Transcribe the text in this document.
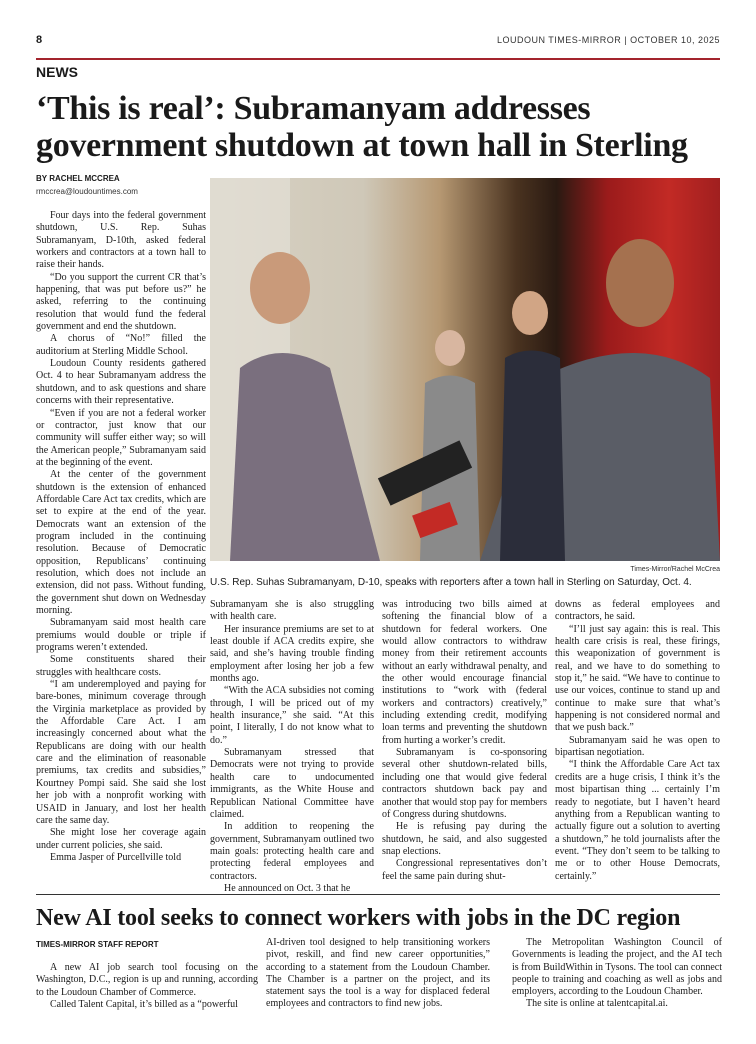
8	LOUDOUN TIMES-MIRROR | OCTOBER 10, 2025
NEWS
‘This is real’: Subramanyam addresses government shutdown at town hall in Sterling
BY RACHEL MCCREA
rmccrea@loudountimes.com

Four days into the federal government shutdown, U.S. Rep. Suhas Subramanyam, D-10th, asked federal workers and contractors at a town hall to raise their hands.

“Do you support the current CR that’s happening, that was put before us?” he asked, referring to the continuing resolution that would fund the federal government and end the shutdown.

A chorus of “No!” filled the auditorium at Sterling Middle School.

Loudoun County residents gathered Oct. 4 to hear Subramanyam address the shutdown, and to ask questions and share concerns with their representative.

“Even if you are not a federal worker or contractor, just know that our community will suffer either way; so will the American people,” Subramanyam said at the beginning of the event.

At the center of the government shutdown is the extension of enhanced Affordable Care Act tax credits, which are set to expire at the end of the year. Democrats want an extension of the program included in the continuing resolution. Because of Democratic opposition, Republicans’ continuing resolution, which does not include an extension, did not pass. Without funding, the government shut down on Wednesday morning.

Subramanyam said most health care premiums would double or triple if programs weren’t extended.

Some constituents shared their struggles with healthcare costs.

“I am underemployed and paying for bare-bones, minimum coverage through the Virginia marketplace as provided by the Affordable Care Act. I am increasingly concerned about what the Republicans are doing with our health care and the elimination of reasonable premiums, tax credits and subsidies,” Kourtney Pompi said. She said she lost her job with a nonprofit working with USAID in January, and lost her health care the same day.

She might lose her coverage again under current policies, she said.

Emma Jasper of Purcellville told

Times-Mirror/Rachel McCrea
U.S. Rep. Suhas Subramanyam, D-10, speaks with reporters after a town hall in Sterling on Saturday, Oct. 4.

Subramanyam she is also struggling with health care.

Her insurance premiums are set to at least double if ACA credits expire, she said, and she’s having trouble finding employment after losing her job a few months ago.

“With the ACA subsidies not coming through, I will be priced out of my health insurance,” she said. “At this point, I literally, I do not know what to do.”

Subramanyam stressed that Democrats were not trying to provide health care to undocumented immigrants, as the White House and Republican National Committee have claimed.

In addition to reopening the government, Subramanyam outlined two main goals: protecting health care and protecting federal employees and contractors.

He announced on Oct. 3 that he

was introducing two bills aimed at softening the financial blow of a shutdown for federal workers. One would allow contractors to withdraw money from their retirement accounts without an early withdrawal penalty, and the other would encourage financial institutions to “work with (federal workers and contractors) creatively,” including extending credit, modifying loan terms and preventing the shutdown from hurting a worker’s credit.

Subramanyam is co-sponsoring several other shutdown-related bills, including one that would give federal contractors shutdown back pay and another that would stop pay for members of Congress during shutdowns.

He is refusing pay during the shutdown, he said, and also suggested snap elections.

Congressional representatives don’t feel the same pain during shut-

downs as federal employees and contractors, he said.

“I’ll just say again: this is real. This health care crisis is real, these firings, this weaponization of government is real, and we have to do something to stop it,” he said. “We have to continue to use our voices, continue to stand up and continue to make sure that what’s happening is not considered normal and that we push back.”

Subramanyam said he was open to bipartisan negotiation.

“I think the Affordable Care Act tax credits are a huge crisis, I think it’s the most bipartisan thing ... certainly I’m ready to negotiate, but I haven’t heard anything from a Republican wanting to actually figure out a solution to averting a shutdown,” he told journalists after the event. “They don’t seem to be talking to me or to other House Democrats, certainly.”

New AI tool seeks to connect workers with jobs in the DC region
TIMES-MIRROR STAFF REPORT

A new AI job search tool focusing on the Washington, D.C., region is up and running, according to the Loudoun Chamber of Commerce.

Called Talent Capital, it’s billed as a “powerful

AI-driven tool designed to help transitioning workers pivot, reskill, and find new career opportunities,” according to a statement from the Loudoun Chamber. The Chamber is a partner on the project, and its statement says the tool is a way for displaced federal employees and contractors to find new jobs.

The Metropolitan Washington Council of Governments is leading the project, and the AI tech is from BuildWithin in Tysons. The tool can connect people to training and coaching as well as jobs and employers, according to the Loudoun Chamber.

The site is online at talentcapital.ai.
